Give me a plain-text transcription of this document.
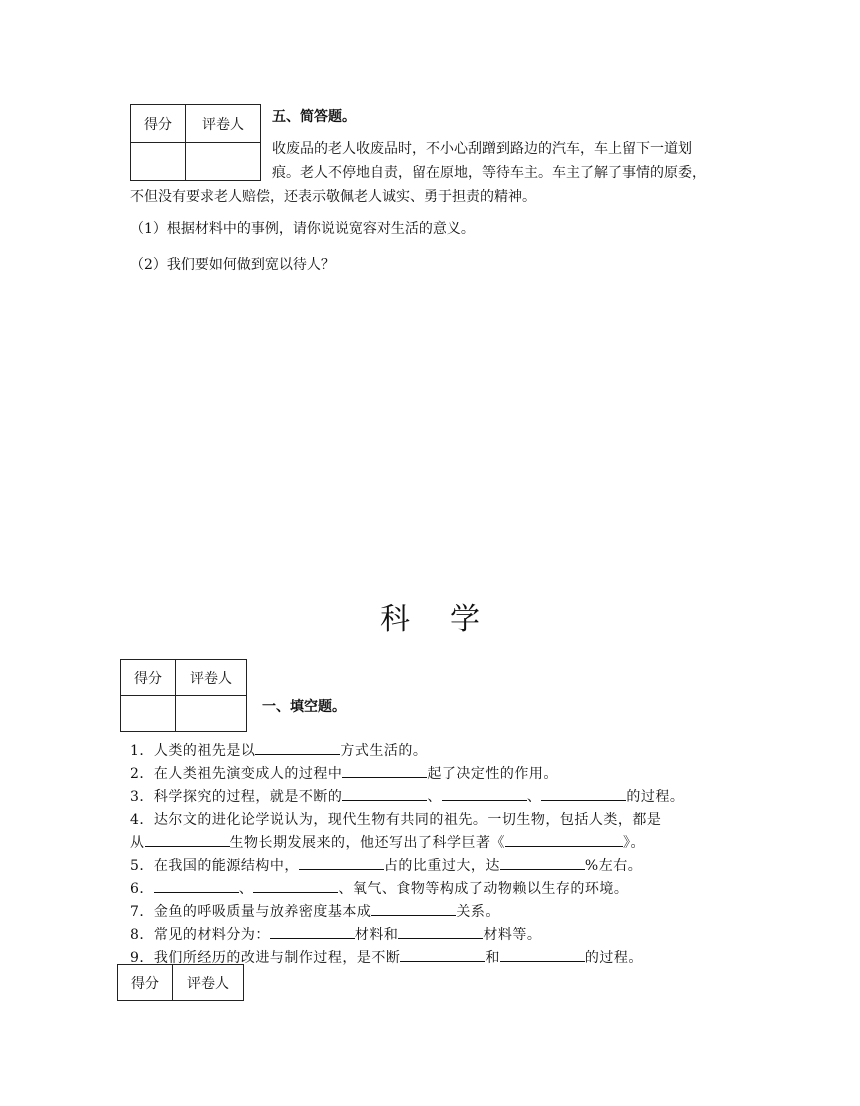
得分	评卷人
	五、简答题。
收废品的老人收废品时，不小心刮蹭到路边的汽车，车上留下一道划
痕。老人不停地自责，留在原地，等待车主。车主了解了事情的原委，
不但没有要求老人赔偿，还表示敬佩老人诚实、勇于担责的精神。
（1）根据材料中的事例，请你说说宽容对生活的意义。
（2）我们要如何做到宽以待人？
科学
得分	评卷人

一、填空题。
1．人类的祖先是以	方式生活的。
2．在人类祖先演变成人的过程中	起了决定性的作用。
3．科学探究的过程，就是不断的	、	、	的过程。
4．达尔文的进化论学说认为，现代生物有共同的祖先。一切生物，包括人类，都是
从	生物长期发展来的，他还写出了科学巨著《	》。
5．在我国的能源结构中，	占的比重过大，达	%左右。
6．	、	、氧气、食物等构成了动物赖以生存的环境。
7．金鱼的呼吸质量与放养密度基本成	关系。
8．常见的材料分为：	材料和	材料等。
9．我们所经历的改进与制作过程，是不断	和	的过程。
得分	评卷人
